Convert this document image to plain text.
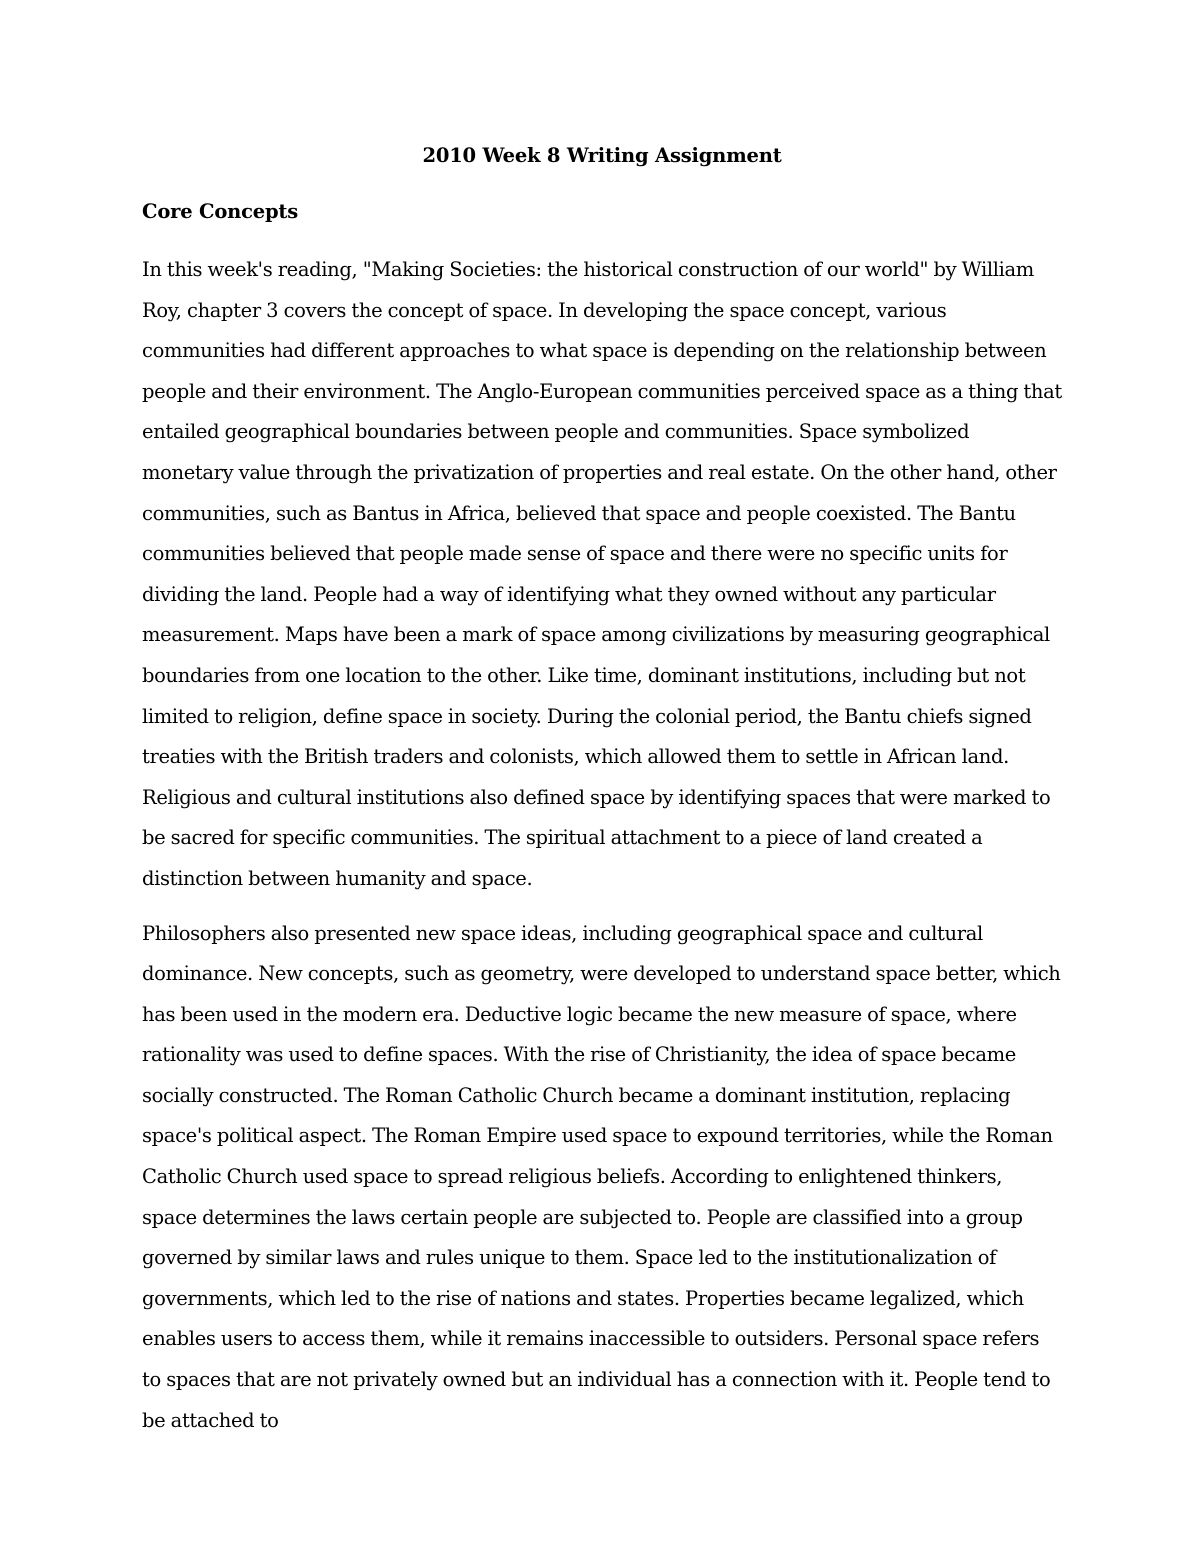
2010 Week 8 Writing Assignment
Core Concepts

In this week's reading, "Making Societies: the historical construction of our world" by William Roy, chapter 3 covers the concept of space. In developing the space concept, various communities had different approaches to what space is depending on the relationship between people and their environment. The Anglo-European communities perceived space as a thing that entailed geographical boundaries between people and communities. Space symbolized monetary value through the privatization of properties and real estate. On the other hand, other communities, such as Bantus in Africa, believed that space and people coexisted. The Bantu communities believed that people made sense of space and there were no specific units for dividing the land. People had a way of identifying what they owned without any particular measurement. Maps have been a mark of space among civilizations by measuring geographical boundaries from one location to the other. Like time, dominant institutions, including but not limited to religion, define space in society. During the colonial period, the Bantu chiefs signed treaties with the British traders and colonists, which allowed them to settle in African land. Religious and cultural institutions also defined space by identifying spaces that were marked to be sacred for specific communities. The spiritual attachment to a piece of land created a distinction between humanity and space.

Philosophers also presented new space ideas, including geographical space and cultural dominance. New concepts, such as geometry, were developed to understand space better, which has been used in the modern era. Deductive logic became the new measure of space, where rationality was used to define spaces. With the rise of Christianity, the idea of space became socially constructed. The Roman Catholic Church became a dominant institution, replacing space's political aspect. The Roman Empire used space to expound territories, while the Roman Catholic Church used space to spread religious beliefs. According to enlightened thinkers, space determines the laws certain people are subjected to. People are classified into a group governed by similar laws and rules unique to them. Space led to the institutionalization of governments, which led to the rise of nations and states. Properties became legalized, which enables users to access them, while it remains inaccessible to outsiders. Personal space refers to spaces that are not privately owned but an individual has a connection with it. People tend to be attached to
